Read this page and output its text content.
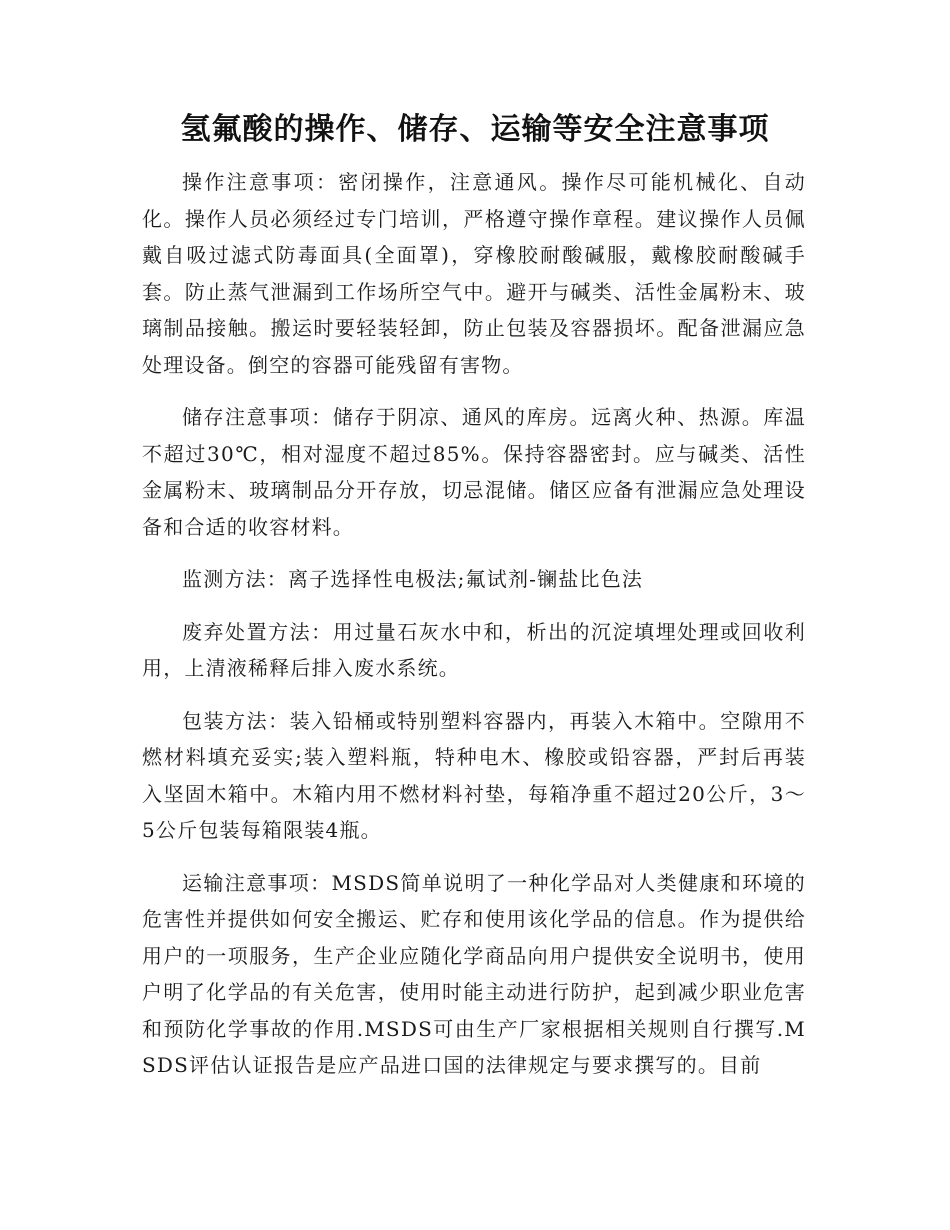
氢氟酸的操作、储存、运输等安全注意事项

操作注意事项：密闭操作，注意通风。操作尽可能机械化、自动化。操作人员必须经过专门培训，严格遵守操作章程。建议操作人员佩戴自吸过滤式防毒面具(全面罩)，穿橡胶耐酸碱服，戴橡胶耐酸碱手套。防止蒸气泄漏到工作场所空气中。避开与碱类、活性金属粉末、玻璃制品接触。搬运时要轻装轻卸，防止包装及容器损坏。配备泄漏应急处理设备。倒空的容器可能残留有害物。

储存注意事项：储存于阴凉、通风的库房。远离火种、热源。库温不超过30℃，相对湿度不超过85%。保持容器密封。应与碱类、活性金属粉末、玻璃制品分开存放，切忌混储。储区应备有泄漏应急处理设备和合适的收容材料。

监测方法：离子选择性电极法;氟试剂-镧盐比色法

废弃处置方法：用过量石灰水中和，析出的沉淀填埋处理或回收利用，上清液稀释后排入废水系统。

包装方法：装入铅桶或特别塑料容器内，再装入木箱中。空隙用不燃材料填充妥实;装入塑料瓶，特种电木、橡胶或铅容器，严封后再装入坚固木箱中。木箱内用不燃材料衬垫，每箱净重不超过20公斤，3～5公斤包装每箱限装4瓶。

运输注意事项：MSDS简单说明了一种化学品对人类健康和环境的危害性并提供如何安全搬运、贮存和使用该化学品的信息。作为提供给用户的一项服务，生产企业应随化学商品向用户提供安全说明书，使用户明了化学品的有关危害，使用时能主动进行防护，起到减少职业危害和预防化学事故的作用.MSDS可由生产厂家根据相关规则自行撰写.MSDS评估认证报告是应产品进口国的法律规定与要求撰写的。目前
